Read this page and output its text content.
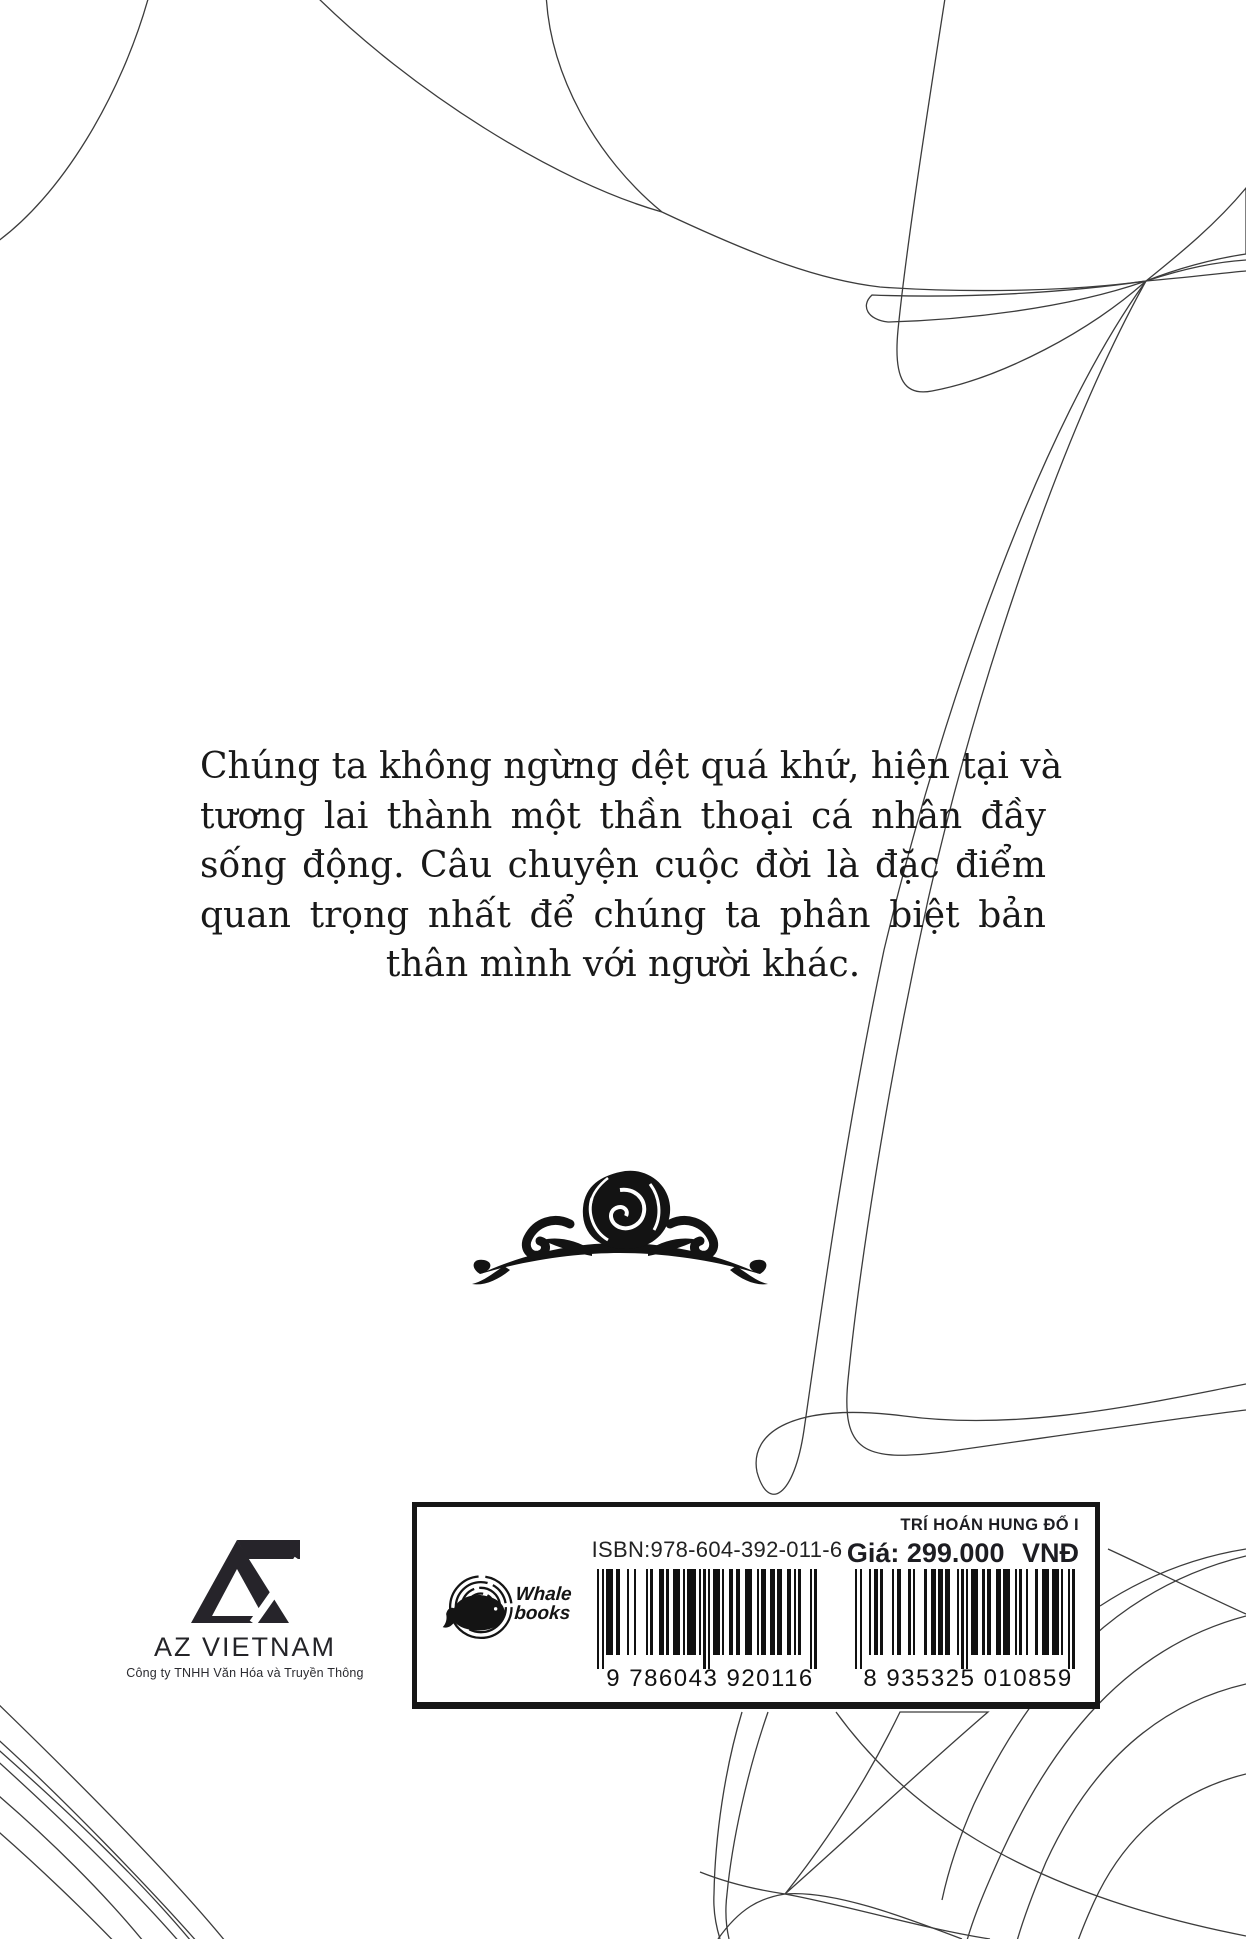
Chúng ta không ngừng dệt quá khứ, hiện tại và
tương lai thành một thần thoại cá nhân đầy
sống động. Câu chuyện cuộc đời là đặc điểm
quan trọng nhất để chúng ta phân biệt bản
thân mình với người khác.
AZ VIETNAM
Công ty TNHH Văn Hóa và Truyền Thông
TRÍ HOÁN HUNG ĐỔ I
Giá: 299.000 VNĐ
ISBN:978-604-392-011-6
Whale
books
9 786043 920116	8 935325 010859
